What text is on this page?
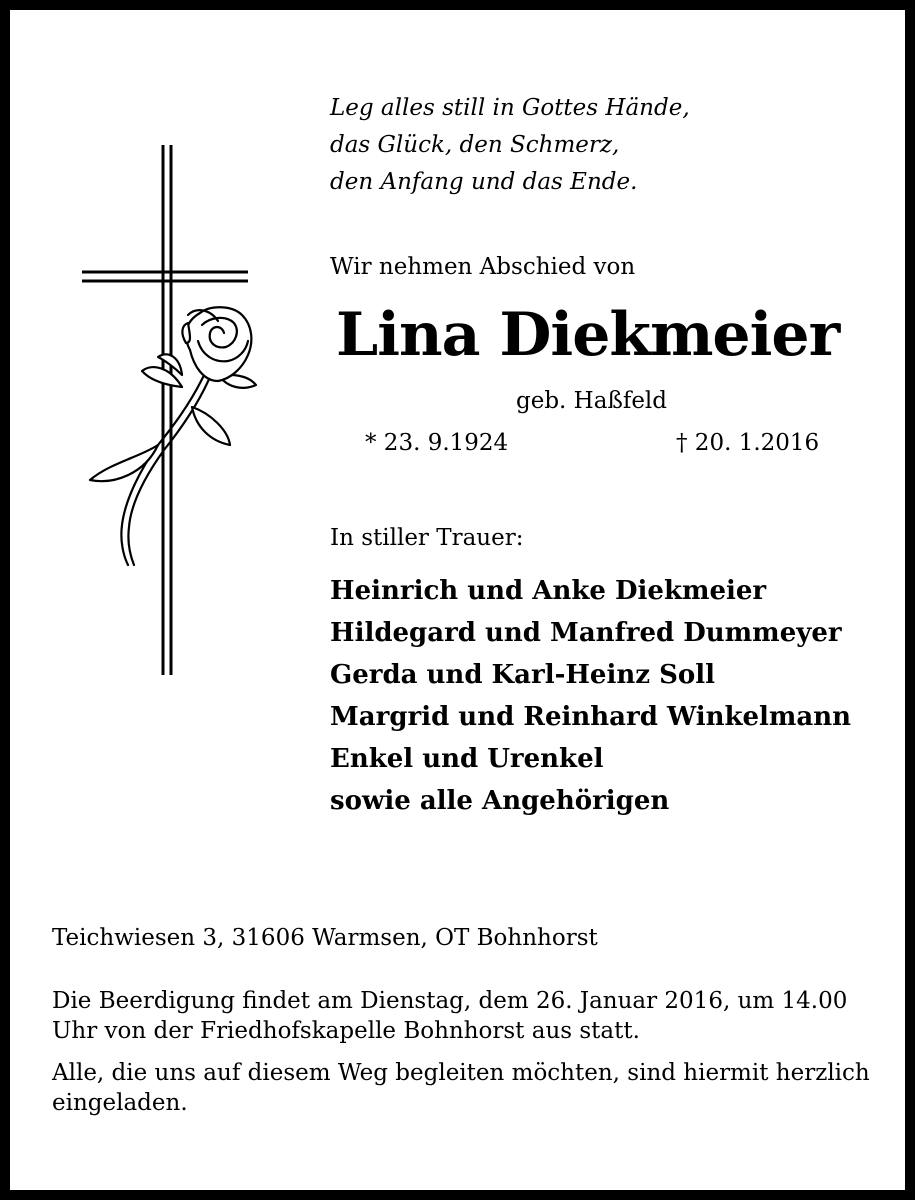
Leg alles still in Gottes Hände,
das Glück, den Schmerz,
den Anfang und das Ende.

Wir nehmen Abschied von

Lina Diekmeier

geb. Haßfeld

* 23. 9.1924	† 20. 1.2016

In stiller Trauer:

Heinrich und Anke Diekmeier
Hildegard und Manfred Dummeyer
Gerda und Karl-Heinz Soll
Margrid und Reinhard Winkelmann
Enkel und Urenkel
sowie alle Angehörigen

Teichwiesen 3, 31606 Warmsen, OT Bohnhorst

Die Beerdigung findet am Dienstag, dem 26. Januar 2016, um 14.00 Uhr von der Friedhofskapelle Bohnhorst aus statt.

Alle, die uns auf diesem Weg begleiten möchten, sind hiermit herzlich eingeladen.
